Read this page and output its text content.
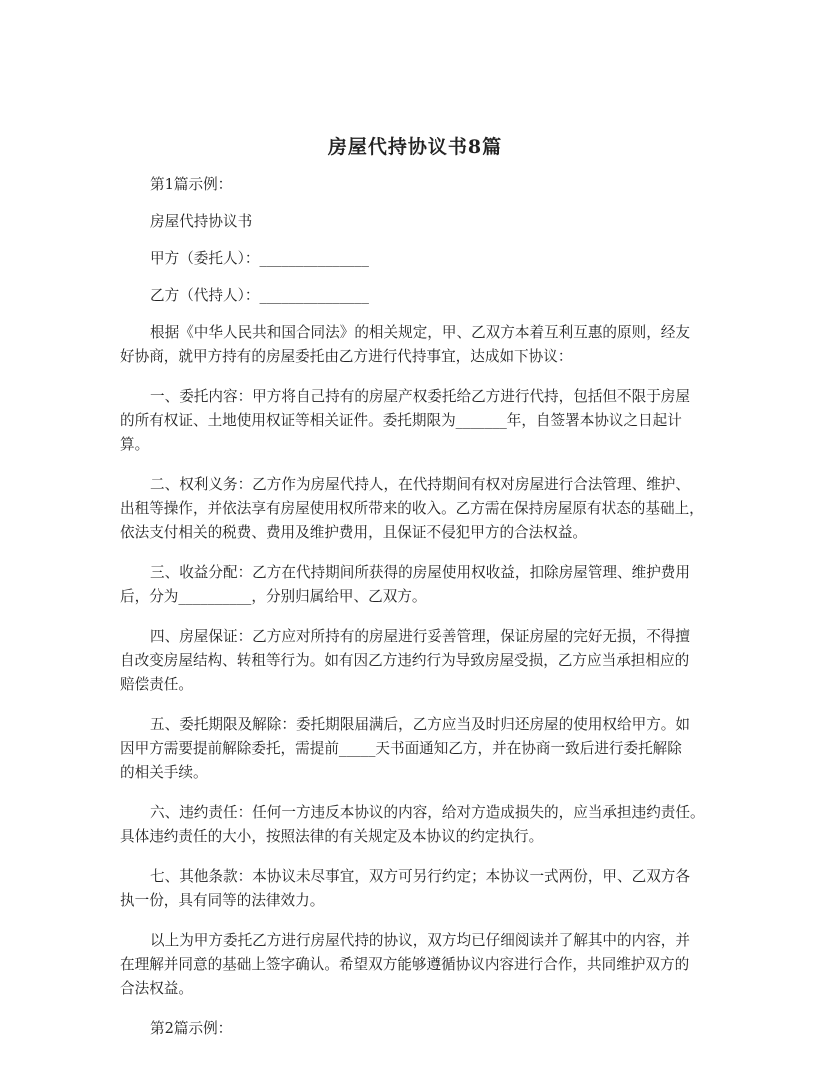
房屋代持协议书8篇
第1篇示例：
房屋代持协议书
甲方（委托人）：_______________
乙方（代持人）：_______________
根据《中华人民共和国合同法》的相关规定，甲、乙双方本着互利互惠的原则，经友
好协商，就甲方持有的房屋委托由乙方进行代持事宜，达成如下协议：
一、委托内容：甲方将自己持有的房屋产权委托给乙方进行代持，包括但不限于房屋
的所有权证、土地使用权证等相关证件。委托期限为_______年，自签署本协议之日起计
算。
二、权利义务：乙方作为房屋代持人，在代持期间有权对房屋进行合法管理、维护、
出租等操作，并依法享有房屋使用权所带来的收入。乙方需在保持房屋原有状态的基础上，
依法支付相关的税费、费用及维护费用，且保证不侵犯甲方的合法权益。
三、收益分配：乙方在代持期间所获得的房屋使用权收益，扣除房屋管理、维护费用
后，分为__________，分别归属给甲、乙双方。
四、房屋保证：乙方应对所持有的房屋进行妥善管理，保证房屋的完好无损，不得擅
自改变房屋结构、转租等行为。如有因乙方违约行为导致房屋受损，乙方应当承担相应的
赔偿责任。
五、委托期限及解除：委托期限届满后，乙方应当及时归还房屋的使用权给甲方。如
因甲方需要提前解除委托，需提前_____天书面通知乙方，并在协商一致后进行委托解除
的相关手续。
六、违约责任：任何一方违反本协议的内容，给对方造成损失的，应当承担违约责任。
具体违约责任的大小，按照法律的有关规定及本协议的约定执行。
七、其他条款：本协议未尽事宜，双方可另行约定；本协议一式两份，甲、乙双方各
执一份，具有同等的法律效力。
以上为甲方委托乙方进行房屋代持的协议，双方均已仔细阅读并了解其中的内容，并
在理解并同意的基础上签字确认。希望双方能够遵循协议内容进行合作，共同维护双方的
合法权益。
第2篇示例：
